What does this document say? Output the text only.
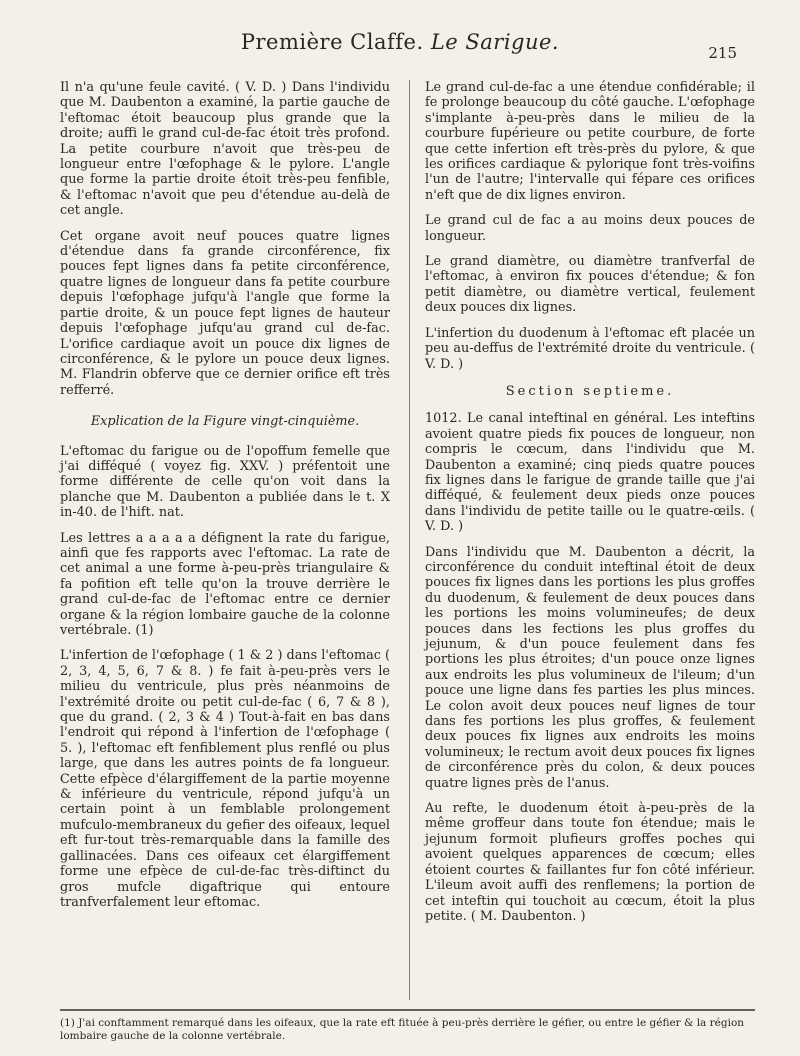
Première Claffe. Le Sarigue.	215

Il n'a qu'une feule cavité. ( V. D. ) Dans l'individu que M. Daubenton a examiné, la partie gauche de l'eftomac étoit beaucoup plus grande que la droite; auffi le grand cul-de-fac étoit très profond. La petite courbure n'avoit que très-peu de longueur entre l'œfophage & le pylore. L'angle que forme la partie droite étoit très-peu fenfible, & l'eftomac n'avoit que peu d'étendue au-delà de cet angle.

Cet organe avoit neuf pouces quatre lignes d'étendue dans fa grande circonférence, fix pouces fept lignes dans fa petite circonférence, quatre lignes de longueur dans fa petite courbure depuis l'œfophage jufqu'à l'angle que forme la partie droite, & un pouce fept lignes de hauteur depuis l'œfophage jufqu'au grand cul de-fac. L'orifice cardiaque avoit un pouce dix lignes de circonférence, & le pylore un pouce deux lignes. M. Flandrin obferve que ce dernier orifice eft très refferré.

Explication de la Figure vingt-cinquième.

L'eftomac du farigue ou de l'opoffum femelle que j'ai difféqué ( voyez fig. XXV. ) préfentoit une forme différente de celle qu'on voit dans la planche que M. Daubenton a publiée dans le t. X in-40. de l'hift. nat.

Les lettres a a a a a défignent la rate du farigue, ainfi que fes rapports avec l'eftomac. La rate de cet animal a une forme à-peu-près triangulaire & fa pofition eft telle qu'on la trouve derrière le grand cul-de-fac de l'eftomac entre ce dernier organe & la région lombaire gauche de la colonne vertébrale. (1)

L'infertion de l'œfophage ( 1 & 2 ) dans l'eftomac ( 2, 3, 4, 5, 6, 7 & 8. ) fe fait à-peu-près vers le milieu du ventricule, plus près néanmoins de l'extrémité droite ou petit cul-de-fac ( 6, 7 & 8 ), que du grand. ( 2, 3 & 4 ) Tout-à-fait en bas dans l'endroit qui répond à l'infertion de l'œfophage ( 5. ), l'eftomac eft fenfiblement plus renflé ou plus large, que dans les autres points de fa longueur. Cette efpèce d'élargiffement de la partie moyenne & inférieure du ventricule, répond jufqu'à un certain point à un femblable prolongement mufculo-membraneux du gefier des oifeaux, lequel eft fur-tout très-remarquable dans la famille des gallinacées. Dans ces oifeaux cet élargiffement forme une efpèce de cul-de-fac très-diftinct du gros mufcle digaftrique qui entoure tranfverfalement leur eftomac.

Le grand cul-de-fac a une étendue confidérable; il fe prolonge beaucoup du côté gauche. L'œfophage s'implante à-peu-près dans le milieu de la courbure fupérieure ou petite courbure, de forte que cette infertion eft très-près du pylore, & que les orifices cardiaque & pylorique font très-voifins l'un de l'autre; l'intervalle qui fépare ces orifices n'eft que de dix lignes environ.

Le grand cul de fac a au moins deux pouces de longueur.

Le grand diamètre, ou diamètre tranfverfal de l'eftomac, à environ fix pouces d'étendue; & fon petit diamètre, ou diamètre vertical, feulement deux pouces dix lignes.

L'infertion du duodenum à l'eftomac eft placée un peu au-deffus de l'extrémité droite du ventricule. ( V. D. )

Section septieme.

1012. Le canal inteftinal en général. Les inteftins avoient quatre pieds fix pouces de longueur, non compris le cœcum, dans l'individu que M. Daubenton a examiné; cinq pieds quatre pouces fix lignes dans le farigue de grande taille que j'ai difféqué, & feulement deux pieds onze pouces dans l'individu de petite taille ou le quatre-œils. ( V. D. )

Dans l'individu que M. Daubenton a décrit, la circonférence du conduit inteftinal étoit de deux pouces fix lignes dans les portions les plus groffes du duodenum, & feulement de deux pouces dans les portions les moins volumineufes; de deux pouces dans les fections les plus groffes du jejunum, & d'un pouce feulement dans fes portions les plus étroites; d'un pouce onze lignes aux endroits les plus volumineux de l'ileum; d'un pouce une ligne dans fes parties les plus minces. Le colon avoit deux pouces neuf lignes de tour dans fes portions les plus groffes, & feulement deux pouces fix lignes aux endroits les moins volumineux; le rectum avoit deux pouces fix lignes de circonférence près du colon, & deux pouces quatre lignes près de l'anus.

Au refte, le duodenum étoit à-peu-près de la même groffeur dans toute fon étendue; mais le jejunum formoit plufieurs groffes poches qui avoient quelques apparences de cœcum; elles étoient courtes & faillantes fur fon côté inférieur. L'ileum avoit auffi des renflemens; la portion de cet inteftin qui touchoit au cœcum, étoit la plus petite. ( M. Daubenton. )

(1) J'ai conftamment remarqué dans les oifeaux, que la rate eft fituée à peu-près derrière le géfier, ou entre le géfier & la région lombaire gauche de la colonne vertébrale.
